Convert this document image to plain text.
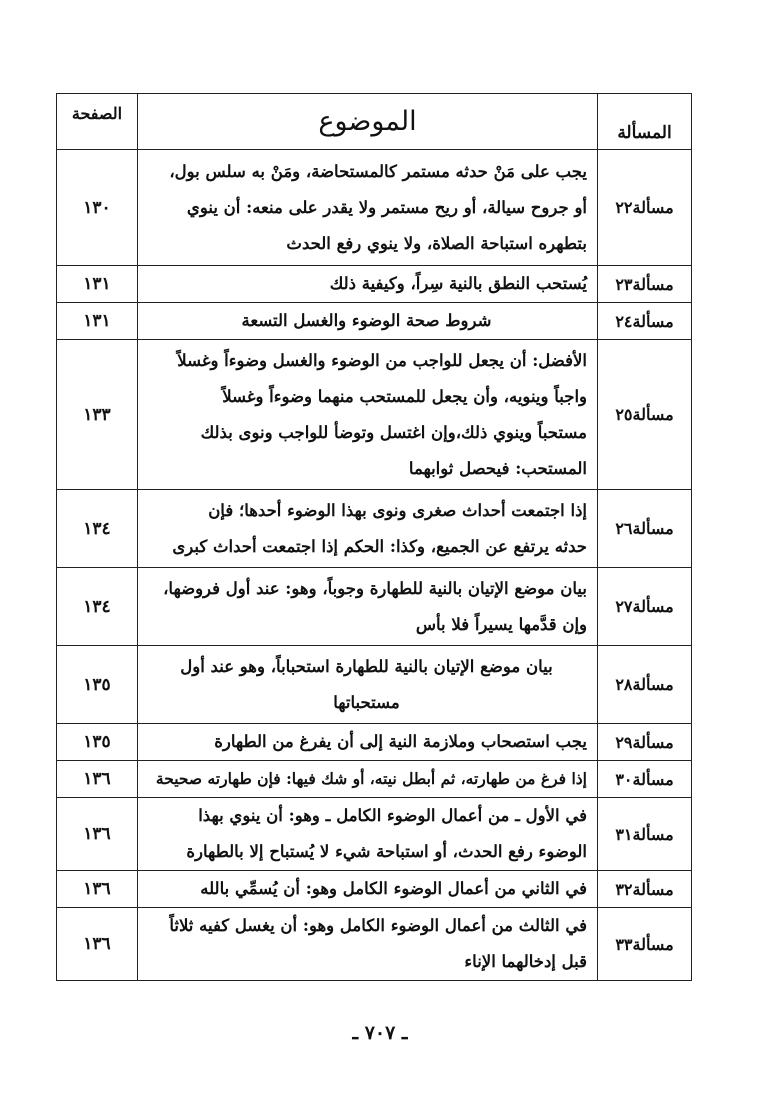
المسألة	الموضوع	الصفحة
مسألة٢٢	يجب على مَنْ حدثه مستمر كالمستحاضة، ومَنْ به سلس بول،
أو جروح سيالة، أو ريح مستمر ولا يقدر على منعه: أن ينوي
بتطهره استباحة الصلاة، ولا ينوي رفع الحدث	١٣٠
مسألة٢٣	يُستحب النطق بالنية سِراً، وكيفية ذلك	١٣١
مسألة٢٤	شروط صحة الوضوء والغسل التسعة	١٣١
مسألة٢٥	الأفضل: أن يجعل للواجب من الوضوء والغسل وضوءاً وغسلاً
واجباً وينويه، وأن يجعل للمستحب منهما وضوءاً وغسلاً
مستحباً وينوي ذلك،وإن اغتسل وتوضأ للواجب ونوى بذلك
المستحب: فيحصل ثوابهما	١٣٣
مسألة٢٦	إذا اجتمعت أحداث صغرى ونوى بهذا الوضوء أحدها؛ فإن
حدثه يرتفع عن الجميع، وكذا: الحكم إذا اجتمعت أحداث كبرى	١٣٤
مسألة٢٧	بيان موضع الإتيان بالنية للطهارة وجوباً، وهو: عند أول فروضها،
وإن قدَّمها يسيراً فلا بأس	١٣٤
مسألة٢٨	بيان موضع الإتيان بالنية للطهارة استحباباً، وهو عند أول
مستحباتها	١٣٥
مسألة٢٩	يجب استصحاب وملازمة النية إلى أن يفرغ من الطهارة	١٣٥
مسألة٣٠	إذا فرغ من طهارته، ثم أبطل نيته، أو شك فيها: فإن طهارته صحيحة	١٣٦
مسألة٣١	في الأول ـ من أعمال الوضوء الكامل ـ وهو: أن ينوي بهذا
الوضوء رفع الحدث، أو استباحة شيء لا يُستباح إلا بالطهارة	١٣٦
مسألة٣٢	في الثاني من أعمال الوضوء الكامل وهو: أن يُسمِّي بالله	١٣٦
مسألة٣٣	في الثالث من أعمال الوضوء الكامل وهو: أن يغسل كفيه ثلاثاً
قبل إدخالهما الإناء	١٣٦
ـ ٧٠٧ ـ
